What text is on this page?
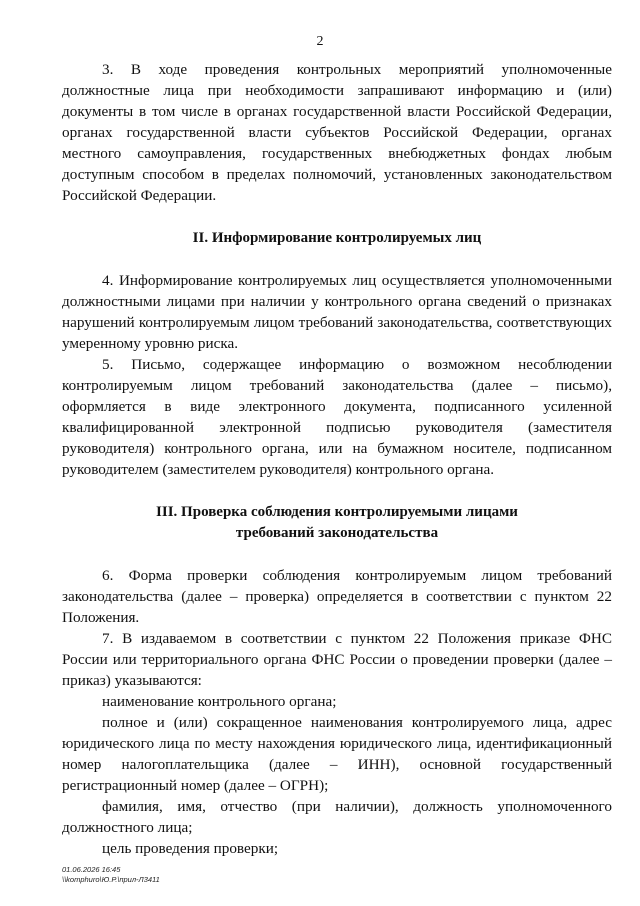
2

3. В ходе проведения контрольных мероприятий уполномоченные должностные лица при необходимости запрашивают информацию и (или) документы в том числе в органах государственной власти Российской Федерации, органах государственной власти субъектов Российской Федерации, органах местного самоуправления, государственных внебюджетных фондах любым доступным способом в пределах полномочий, установленных законодательством Российской Федерации.

II. Информирование контролируемых лиц

4. Информирование контролируемых лиц осуществляется уполномоченными должностными лицами при наличии у контрольного органа сведений о признаках нарушений контролируемым лицом требований законодательства, соответствующих умеренному уровню риска.

5. Письмо, содержащее информацию о возможном несоблюдении контролируемым лицом требований законодательства (далее – письмо), оформляется в виде электронного документа, подписанного усиленной квалифицированной электронной подписью руководителя (заместителя руководителя) контрольного органа, или на бумажном носителе, подписанном руководителем (заместителем руководителя) контрольного органа.

III. Проверка соблюдения контролируемыми лицами
требований законодательства

6. Форма проверки соблюдения контролируемым лицом требований законодательства (далее – проверка) определяется в соответствии с пунктом 22 Положения.

7. В издаваемом в соответствии с пунктом 22 Положения приказе ФНС России или территориального органа ФНС России о проведении проверки (далее – приказ) указываются:

наименование контрольного органа;

полное и (или) сокращенное наименования контролируемого лица, адрес юридического лица по месту нахождения юридического лица, идентификационный номер налогоплательщика (далее – ИНН), основной государственный регистрационный номер (далее – ОГРН);

фамилия, имя, отчество (при наличии), должность уполномоченного должностного лица;

цель проведения проверки;

01.06.2026 16:45
\\komphuro\Ю.Р.\прил-Л3411
